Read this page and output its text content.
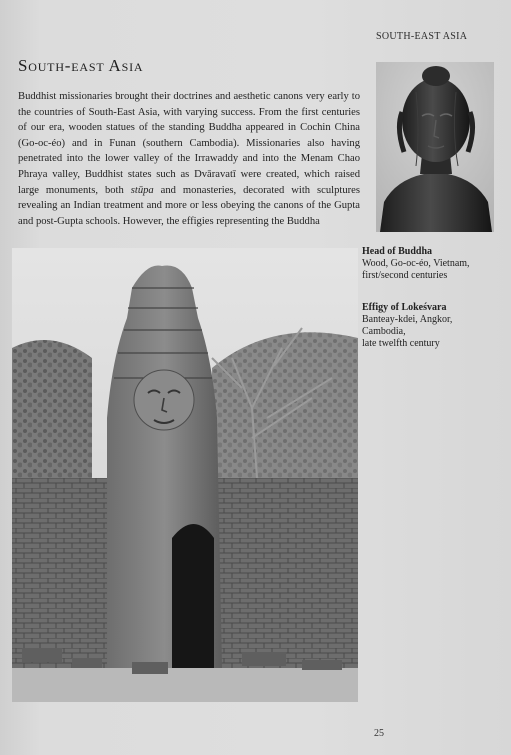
SOUTH-EAST ASIA
South-east Asia
Buddhist missionaries brought their doctrines and aesthetic canons very early to the countries of South-East Asia, with varying success. From the first centuries of our era, wooden statues of the standing Buddha appeared in Cochin China (Go-oc-éo) and in Funan (southern Cambodia). Missionaries also having penetrated into the lower valley of the Irrawaddy and into the Menam Chao Phraya valley, Buddhist states such as Dvāravatī were created, which raised large monuments, both stūpa and monasteries, decorated with sculptures revealing an Indian treatment and more or less obeying the canons of the Gupta and post-Gupta schools. However, the effigies representing the Buddha
Head of Buddha
Wood, Go-oc-éo, Vietnam,
first/second centuries
Effigy of Lokeśvara
Banteay-kdei, Angkor,
Cambodia,
late twelfth century
25
